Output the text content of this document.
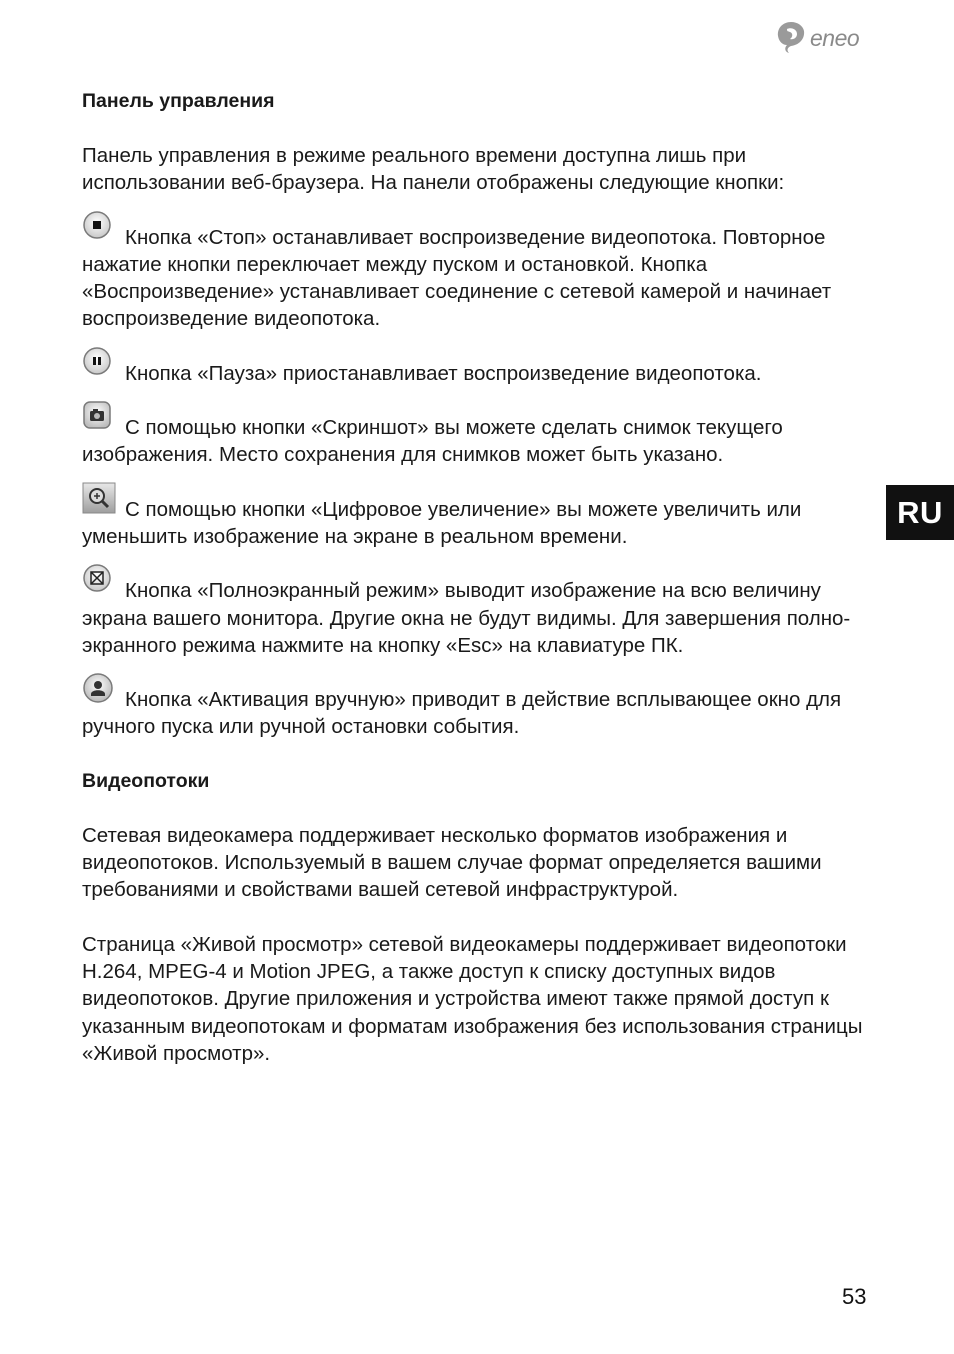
eneo
RU
Панель управления

Панель управления в режиме реального времени доступна лишь при использовании веб-браузера. На панели отображены следующие кнопки:

Кнопка «Стоп» останавливает воспроизведение видеопотока. Повторное нажатие кнопки переключает между пуском и остановкой. Кнопка «Воспроизведение» устанавливает соединение с сетевой камерой и начинает воспроизведение видеопотока.

Кнопка «Пауза» приостанавливает воспроизведение видеопотока.

С помощью кнопки «Скриншот» вы можете сделать снимок текущего изображения. Место сохранения для снимков может быть указано.

С помощью кнопки «Цифровое увеличение» вы можете увеличить или уменьшить изображение на экране в реальном времени.

Кнопка «Полноэкранный режим» выводит изображение на всю величину экрана вашего монитора. Другие окна не будут видимы. Для завершения полно-экранного режима нажмите на кнопку «Esc» на клавиатуре ПК.

Кнопка «Активация вручную» приводит в действие всплывающее окно для ручного пуска или ручной остановки события.

Видеопотоки

Сетевая видеокамера поддерживает несколько форматов изображения и видеопотоков. Используемый в вашем случае формат определяется вашими требованиями и свойствами вашей сетевой инфраструктурой.

Страница «Живой просмотр» сетевой видеокамеры поддерживает видеопотоки H.264, MPEG-4 и Motion JPEG, а также доступ к списку доступных видов видеопотоков. Другие приложения и устройства имеют также прямой доступ к указанным видеопотокам и форматам изображения без использования страницы «Живой просмотр».

53
